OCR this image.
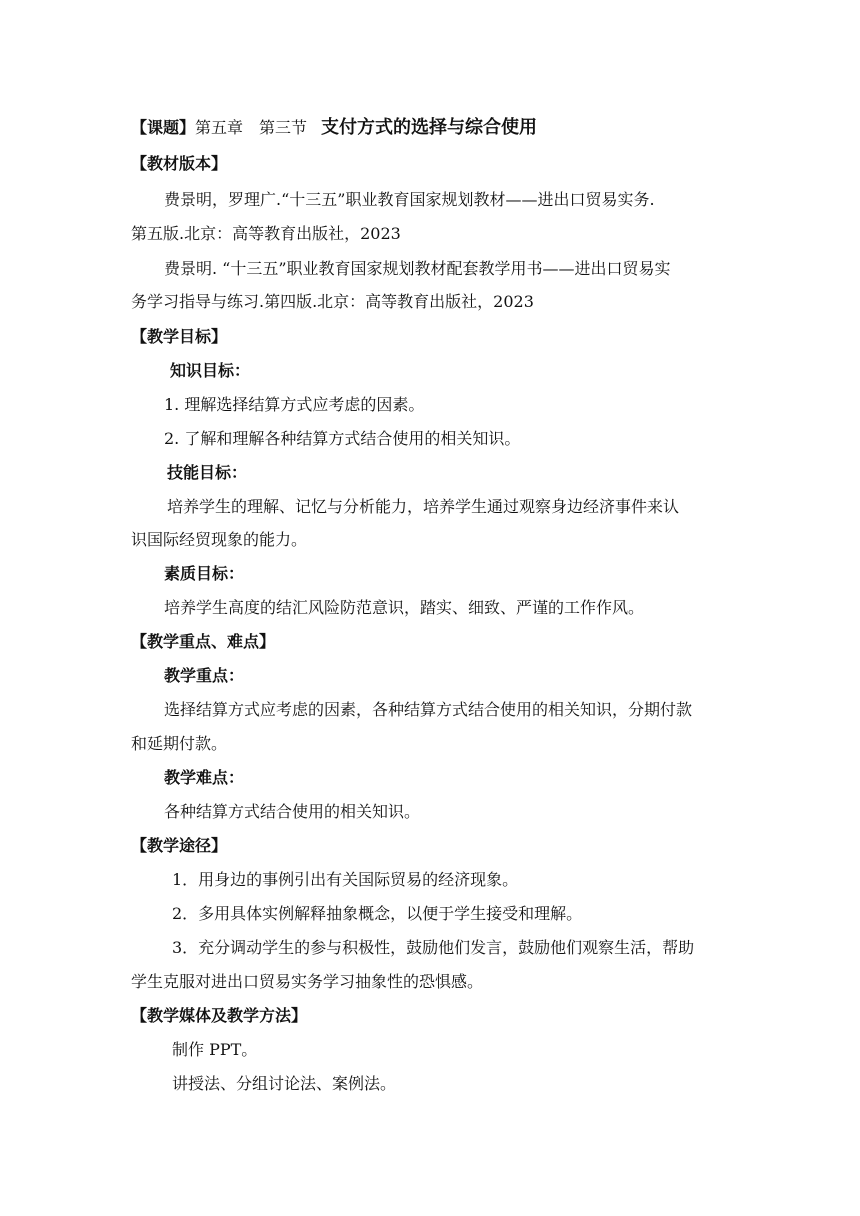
【课题】第五章　第三节 支付方式的选择与综合使用
【教材版本】
费景明，罗理广.“十三五”职业教育国家规划教材——进出口贸易实务.
第五版.北京：高等教育出版社，2023
费景明. “十三五”职业教育国家规划教材配套教学用书——进出口贸易实
务学习指导与练习.第四版.北京：高等教育出版社，2023
【教学目标】
知识目标：
1. 理解选择结算方式应考虑的因素。
2. 了解和理解各种结算方式结合使用的相关知识。
技能目标：
培养学生的理解、记忆与分析能力，培养学生通过观察身边经济事件来认
识国际经贸现象的能力。
素质目标：
培养学生高度的结汇风险防范意识，踏实、细致、严谨的工作作风。
【教学重点、难点】
教学重点：
选择结算方式应考虑的因素，各种结算方式结合使用的相关知识，分期付款
和延期付款。
教学难点：
各种结算方式结合使用的相关知识。
【教学途径】
1．用身边的事例引出有关国际贸易的经济现象。
2．多用具体实例解释抽象概念，以便于学生接受和理解。
3．充分调动学生的参与积极性，鼓励他们发言，鼓励他们观察生活，帮助
学生克服对进出口贸易实务学习抽象性的恐惧感。
【教学媒体及教学方法】
制作 PPT。
讲授法、分组讨论法、案例法。
